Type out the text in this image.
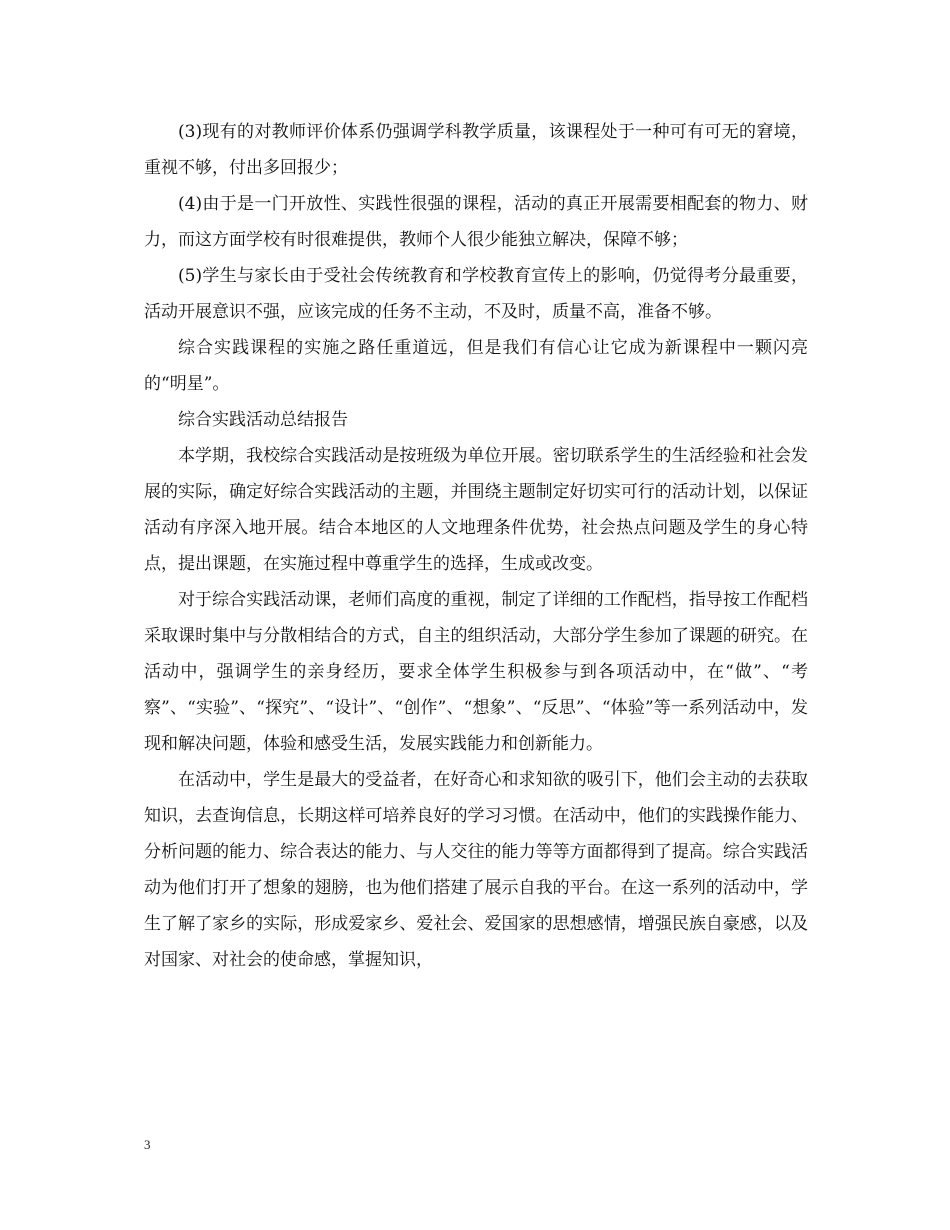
(3)现有的对教师评价体系仍强调学科教学质量，该课程处于一种可有可无的窘境，重视不够，付出多回报少；

(4)由于是一门开放性、实践性很强的课程，活动的真正开展需要相配套的物力、财力，而这方面学校有时很难提供，教师个人很少能独立解决，保障不够；

(5)学生与家长由于受社会传统教育和学校教育宣传上的影响，仍觉得考分最重要，活动开展意识不强，应该完成的任务不主动，不及时，质量不高，准备不够。

综合实践课程的实施之路任重道远，但是我们有信心让它成为新课程中一颗闪亮的“明星”。

综合实践活动总结报告

本学期，我校综合实践活动是按班级为单位开展。密切联系学生的生活经验和社会发展的实际，确定好综合实践活动的主题，并围绕主题制定好切实可行的活动计划，以保证活动有序深入地开展。结合本地区的人文地理条件优势，社会热点问题及学生的身心特点，提出课题，在实施过程中尊重学生的选择，生成或改变。

对于综合实践活动课，老师们高度的重视，制定了详细的工作配档，指导按工作配档采取课时集中与分散相结合的方式，自主的组织活动，大部分学生参加了课题的研究。在活动中，强调学生的亲身经历，要求全体学生积极参与到各项活动中，在“做”、“考察”、“实验”、“探究”、“设计”、“创作”、“想象”、“反思”、“体验”等一系列活动中，发现和解决问题，体验和感受生活，发展实践能力和创新能力。

在活动中，学生是最大的受益者，在好奇心和求知欲的吸引下，他们会主动的去获取知识，去查询信息，长期这样可培养良好的学习习惯。在活动中，他们的实践操作能力、分析问题的能力、综合表达的能力、与人交往的能力等等方面都得到了提高。综合实践活动为他们打开了想象的翅膀，也为他们搭建了展示自我的平台。在这一系列的活动中，学生了解了家乡的实际，形成爱家乡、爱社会、爱国家的思想感情，增强民族自豪感，以及对国家、对社会的使命感，掌握知识，

3
